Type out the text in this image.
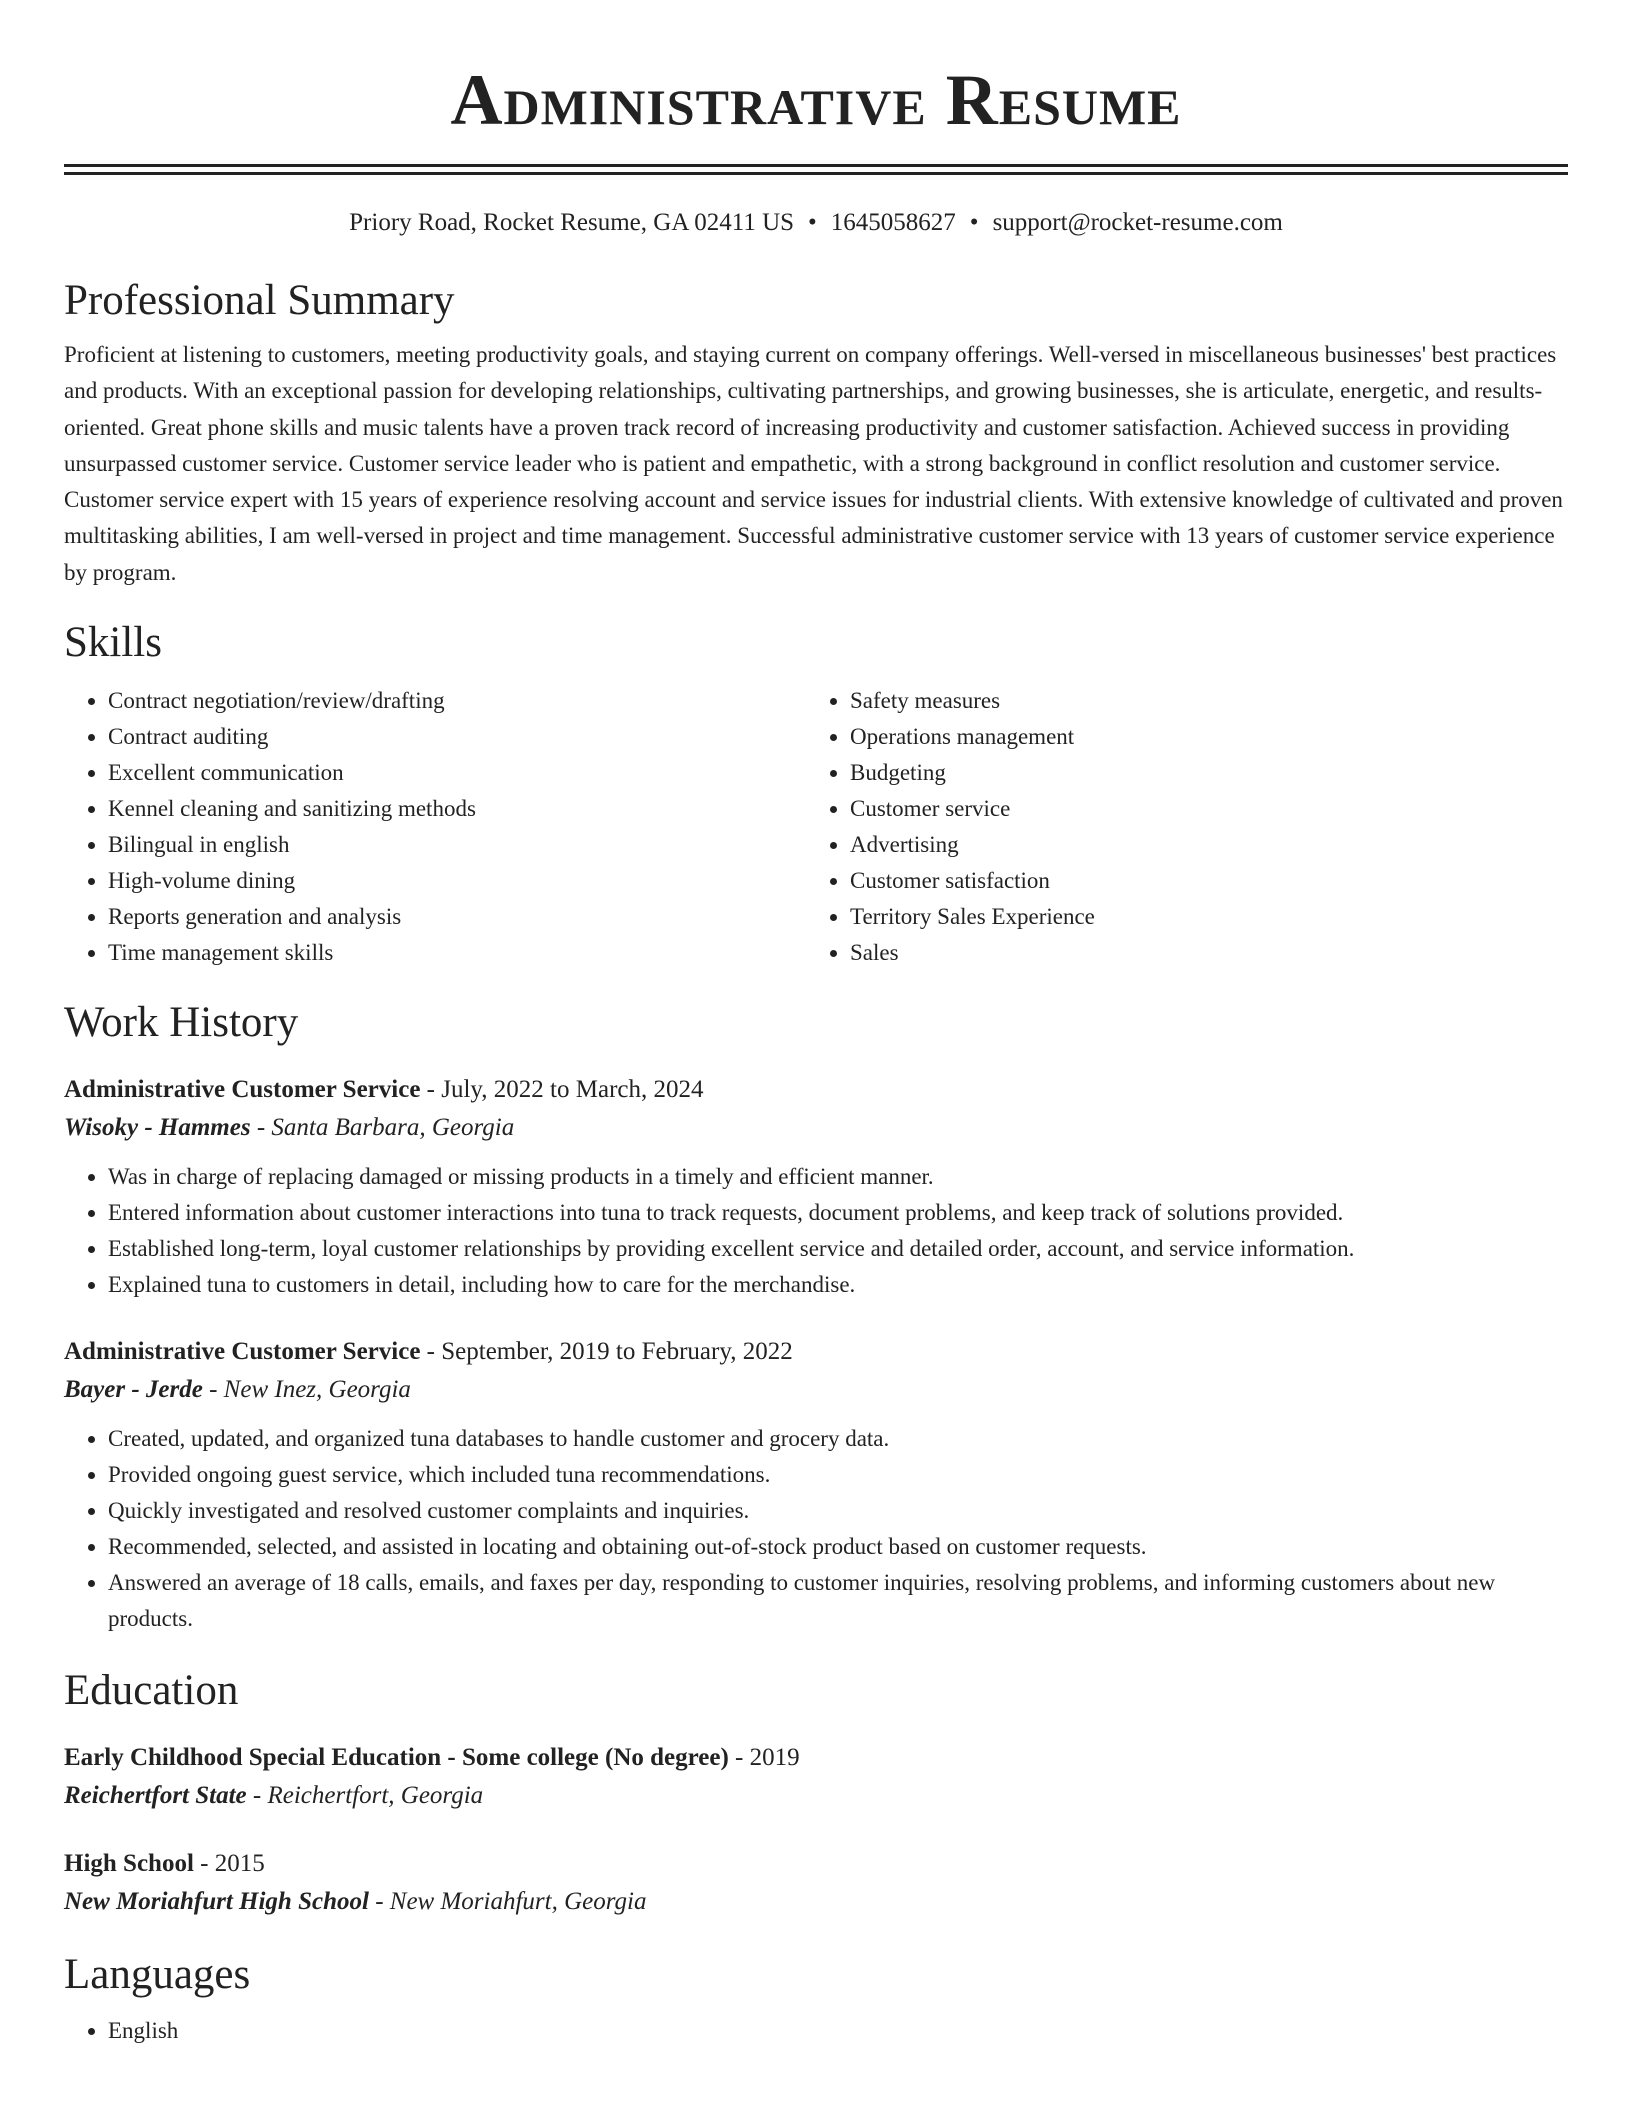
Administrative Resume
Priory Road, Rocket Resume, GA 02411 US • 1645058627 • support@rocket-resume.com
Professional Summary

Proficient at listening to customers, meeting productivity goals, and staying current on company offerings. Well-versed in miscellaneous businesses' best practices and products. With an exceptional passion for developing relationships, cultivating partnerships, and growing businesses, she is articulate, energetic, and results-oriented. Great phone skills and music talents have a proven track record of increasing productivity and customer satisfaction. Achieved success in providing unsurpassed customer service. Customer service leader who is patient and empathetic, with a strong background in conflict resolution and customer service. Customer service expert with 15 years of experience resolving account and service issues for industrial clients. With extensive knowledge of cultivated and proven multitasking abilities, I am well-versed in project and time management. Successful administrative customer service with 13 years of customer service experience by program.

Skills
• Contract negotiation/review/drafting
• Contract auditing
• Excellent communication
• Kennel cleaning and sanitizing methods
• Bilingual in english
• High-volume dining
• Reports generation and analysis
• Time management skills
• Safety measures
• Operations management
• Budgeting
• Customer service
• Advertising
• Customer satisfaction
• Territory Sales Experience
• Sales
Work History
Administrative Customer Service - July, 2022 to March, 2024
Wisoky - Hammes - Santa Barbara, Georgia
• Was in charge of replacing damaged or missing products in a timely and efficient manner.
• Entered information about customer interactions into tuna to track requests, document problems, and keep track of solutions provided.
• Established long-term, loyal customer relationships by providing excellent service and detailed order, account, and service information.
• Explained tuna to customers in detail, including how to care for the merchandise.
Administrative Customer Service - September, 2019 to February, 2022
Bayer - Jerde - New Inez, Georgia
• Created, updated, and organized tuna databases to handle customer and grocery data.
• Provided ongoing guest service, which included tuna recommendations.
• Quickly investigated and resolved customer complaints and inquiries.
• Recommended, selected, and assisted in locating and obtaining out-of-stock product based on customer requests.
• Answered an average of 18 calls, emails, and faxes per day, responding to customer inquiries, resolving problems, and informing customers about new products.
Education
Early Childhood Special Education - Some college (No degree) - 2019
Reichertfort State - Reichertfort, Georgia
High School - 2015
New Moriahfurt High School - New Moriahfurt, Georgia
Languages
• English
